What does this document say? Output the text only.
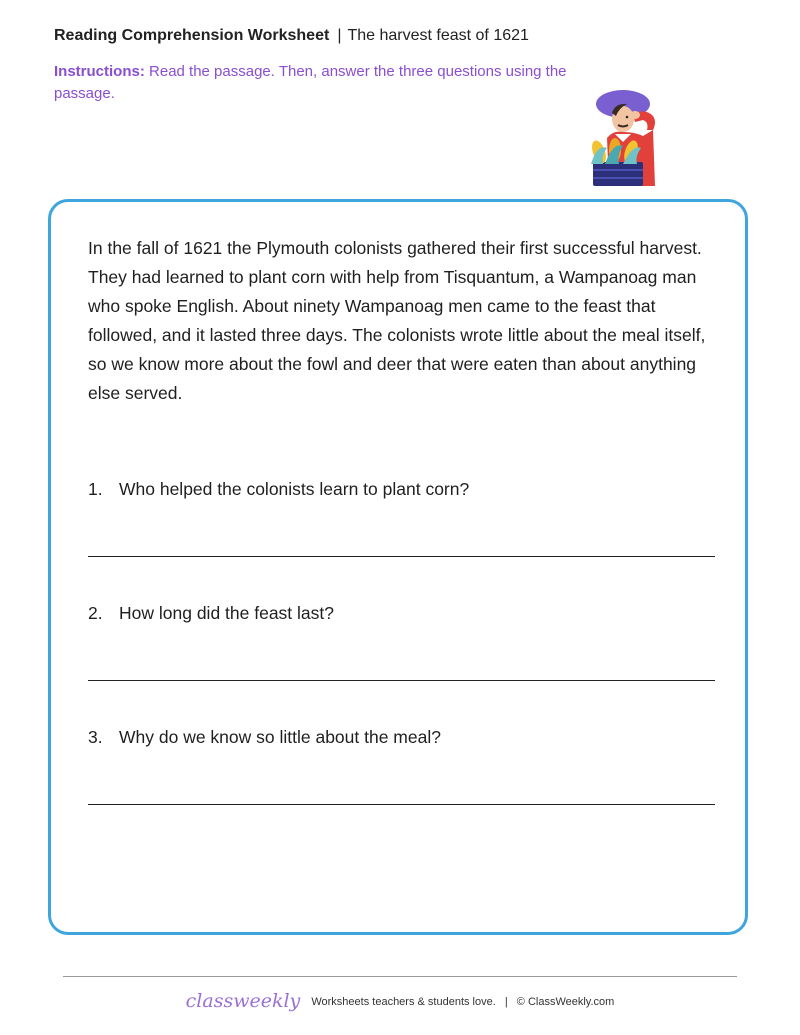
Reading Comprehension Worksheet | The harvest feast of 1621
Instructions: Read the passage. Then, answer the three questions using the passage.

In the fall of 1621 the Plymouth colonists gathered their first successful harvest. They had learned to plant corn with help from Tisquantum, a Wampanoag man who spoke English. About ninety Wampanoag men came to the feast that followed, and it lasted three days. The colonists wrote little about the meal itself, so we know more about the fowl and deer that were eaten than about anything else served.

1. Who helped the colonists learn to plant corn?
2. How long did the feast last?
3. Why do we know so little about the meal?
classweekly Worksheets teachers & students love. | © ClassWeekly.com
